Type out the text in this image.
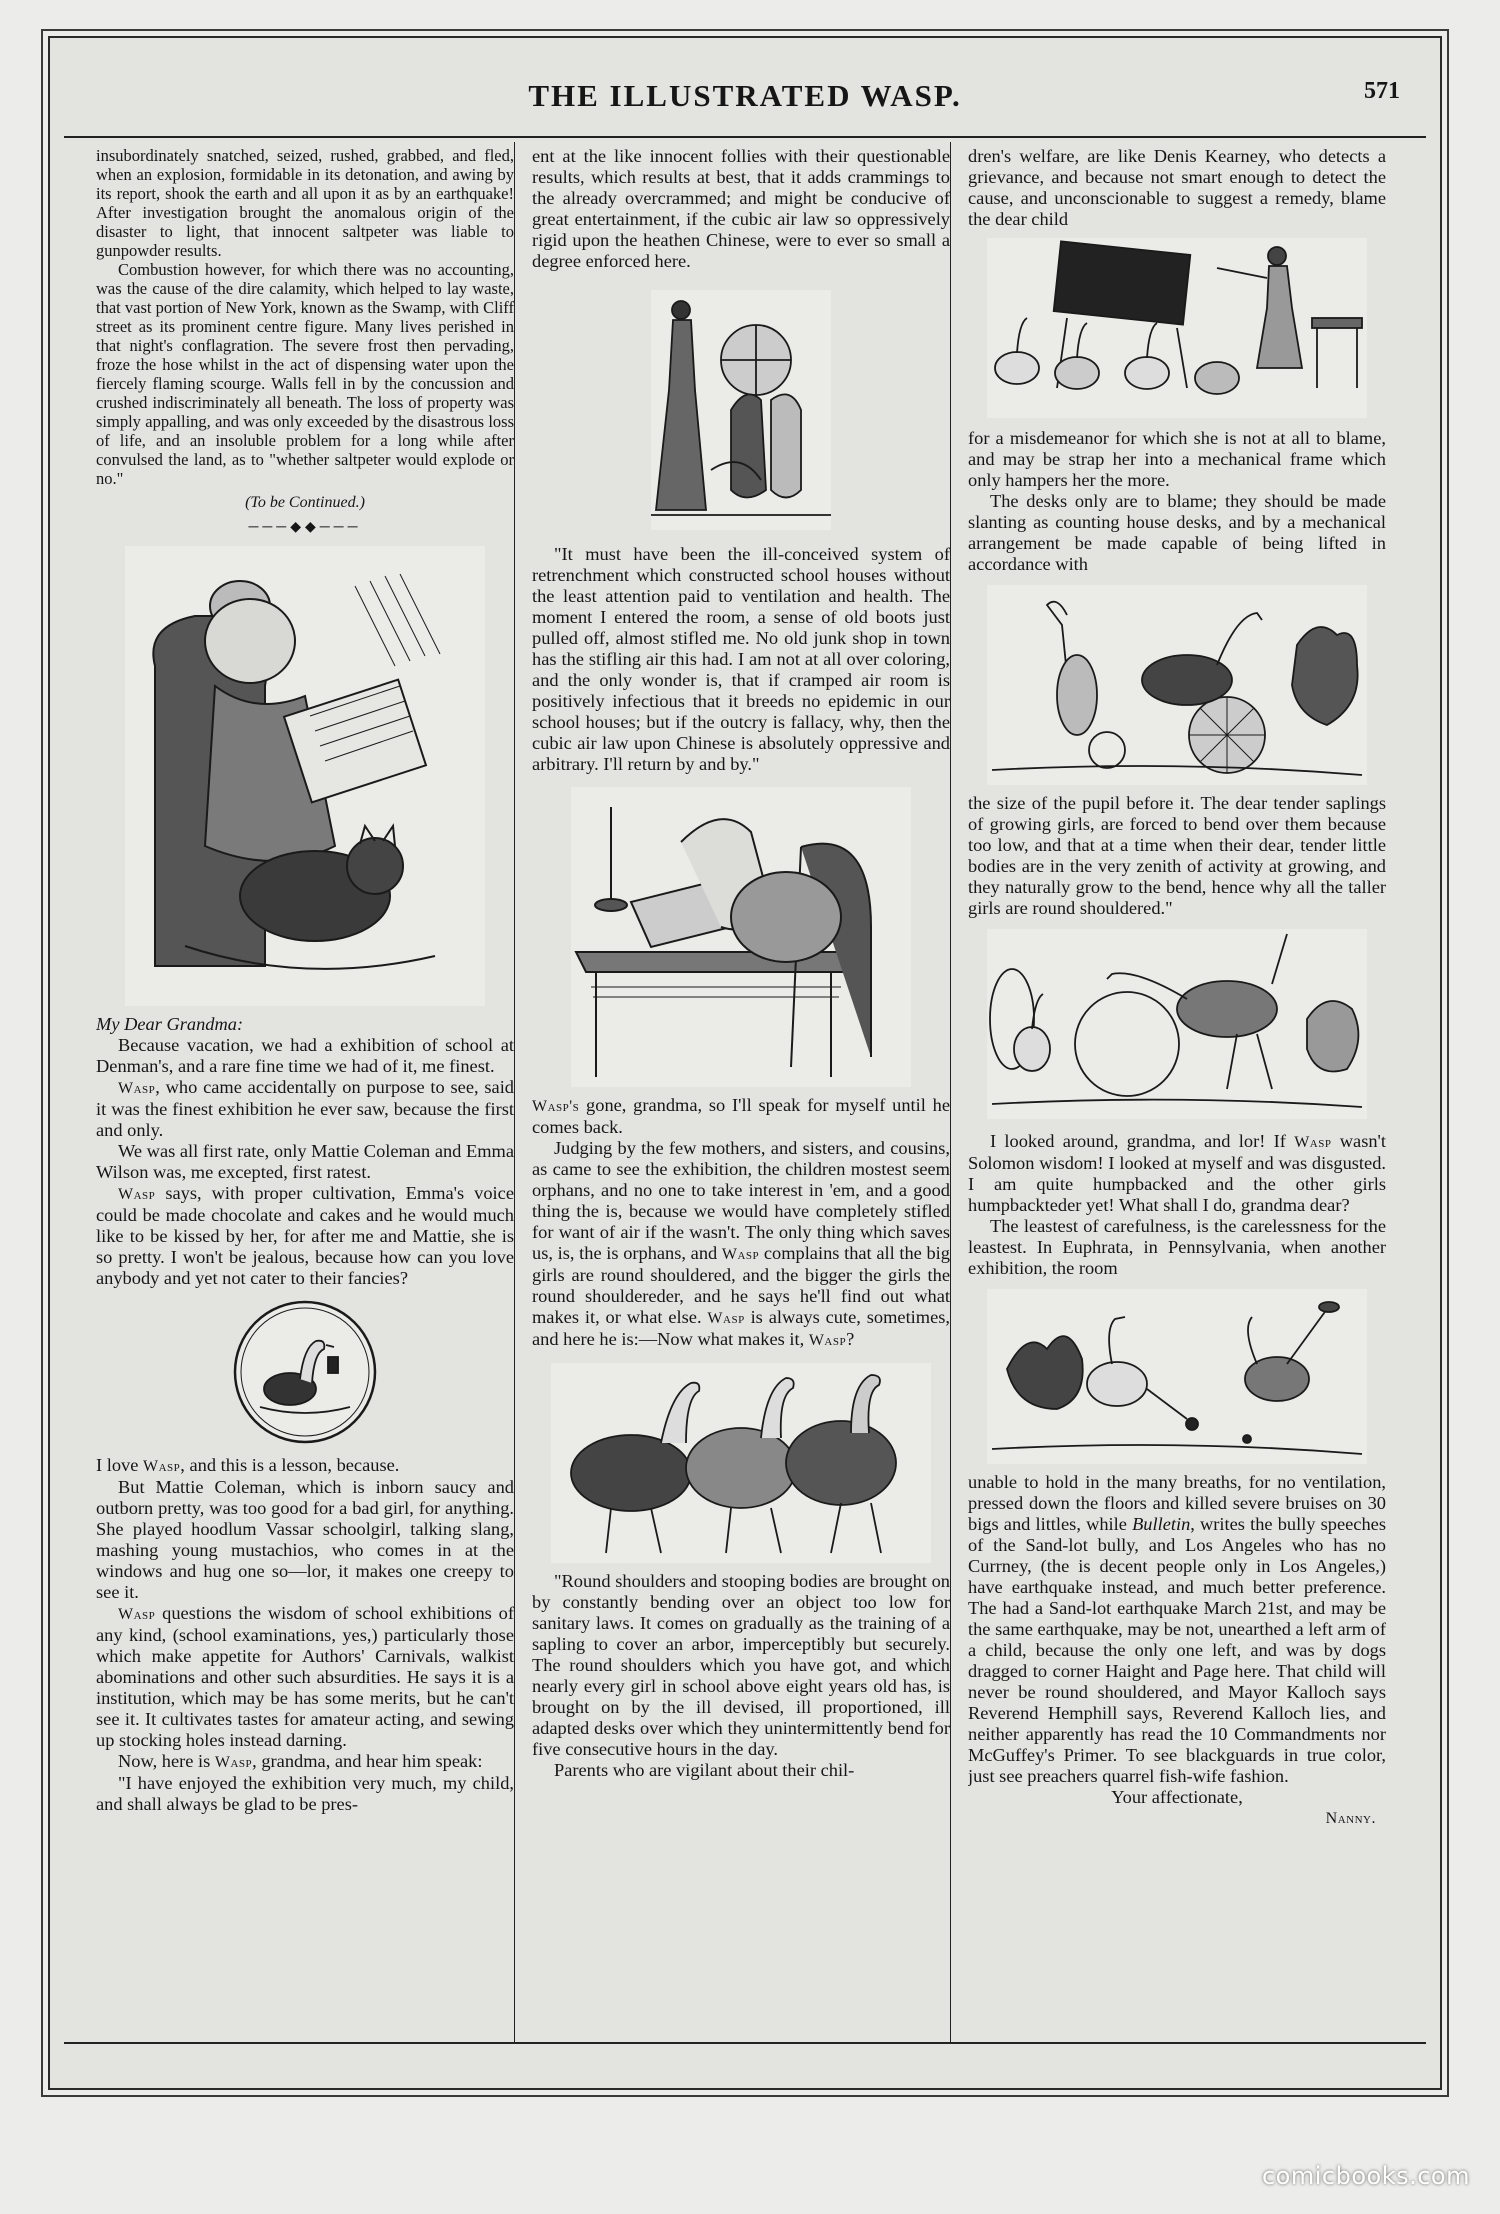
THE ILLUSTRATED WASP.	571

insubordinately snatched, seized, rushed, grabbed, and fled, when an explosion, formidable in its detonation, and awing by its report, shook the earth and all upon it as by an earthquake! After investigation brought the anomalous origin of the disaster to light, that innocent saltpeter was liable to gunpowder results.

Combustion however, for which there was no accounting, was the cause of the dire calamity, which helped to lay waste, that vast portion of New York, known as the Swamp, with Cliff street as its prominent centre figure. Many lives perished in that night's conflagration. The severe frost then pervading, froze the hose whilst in the act of dispensing water upon the fiercely flaming scourge. Walls fell in by the concussion and crushed indiscriminately all beneath. The loss of property was simply appalling, and was only exceeded by the disastrous loss of life, and an insoluble problem for a long while after convulsed the land, as to "whether saltpeter would explode or no."

(To be Continued.)

───◆◆───

My Dear Grandma:

Because vacation, we had a exhibition of school at Denman's, and a rare fine time we had of it, me finest.

Wasp, who came accidentally on purpose to see, said it was the finest exhibition he ever saw, because the first and only.

We was all first rate, only Mattie Coleman and Emma Wilson was, me excepted, first ratest.

Wasp says, with proper cultivation, Emma's voice could be made chocolate and cakes and he would much like to be kissed by her, for after me and Mattie, she is so pretty. I won't be jealous, because how can you love anybody and yet not cater to their fancies?

I love Wasp, and this is a lesson, because.

But Mattie Coleman, which is inborn saucy and outborn pretty, was too good for a bad girl, for anything. She played hoodlum Vassar schoolgirl, talking slang, mashing young mustachios, who comes in at the windows and hug one so—lor, it makes one creepy to see it.

Wasp questions the wisdom of school exhibitions of any kind, (school examinations, yes,) particularly those which make appetite for Authors' Carnivals, walkist abominations and other such absurdities. He says it is a institution, which may be has some merits, but he can't see it. It cultivates tastes for amateur acting, and sewing up stocking holes instead darning.

Now, here is Wasp, grandma, and hear him speak:

"I have enjoyed the exhibition very much, my child, and shall always be glad to be pres-

ent at the like innocent follies with their questionable results, which results at best, that it adds crammings to the already overcrammed; and might be conducive of great entertainment, if the cubic air law so oppressively rigid upon the heathen Chinese, were to ever so small a degree enforced here.

"It must have been the ill-conceived system of retrenchment which constructed school houses without the least attention paid to ventilation and health. The moment I entered the room, a sense of old boots just pulled off, almost stifled me. No old junk shop in town has the stifling air this had. I am not at all over coloring, and the only wonder is, that if cramped air room is positively infectious that it breeds no epidemic in our school houses; but if the outcry is fallacy, why, then the cubic air law upon Chinese is absolutely oppressive and arbitrary. I'll return by and by."

Wasp's gone, grandma, so I'll speak for myself until he comes back.

Judging by the few mothers, and sisters, and cousins, as came to see the exhibition, the children mostest seem orphans, and no one to take interest in 'em, and a good thing the is, because we would have completely stifled for want of air if the wasn't. The only thing which saves us, is, the is orphans, and Wasp complains that all the big girls are round shouldered, and the bigger the girls the round shouldereder, and he says he'll find out what makes it, or what else. Wasp is always cute, sometimes, and here he is:—Now what makes it, Wasp?

"Round shoulders and stooping bodies are brought on by constantly bending over an object too low for sanitary laws. It comes on gradually as the training of a sapling to cover an arbor, imperceptibly but securely. The round shoulders which you have got, and which nearly every girl in school above eight years old has, is brought on by the ill devised, ill proportioned, ill adapted desks over which they unintermittently bend for five consecutive hours in the day.

Parents who are vigilant about their chil-

dren's welfare, are like Denis Kearney, who detects a grievance, and because not smart enough to detect the cause, and unconscionable to suggest a remedy, blame the dear child

for a misdemeanor for which she is not at all to blame, and may be strap her into a mechanical frame which only hampers her the more.

The desks only are to blame; they should be made slanting as counting house desks, and by a mechanical arrangement be made capable of being lifted in accordance with

the size of the pupil before it. The dear tender saplings of growing girls, are forced to bend over them because too low, and that at a time when their dear, tender little bodies are in the very zenith of activity at growing, and they naturally grow to the bend, hence why all the taller girls are round shouldered."

I looked around, grandma, and lor! If Wasp wasn't Solomon wisdom! I looked at myself and was disgusted. I am quite humpbacked and the other girls humpbackteder yet! What shall I do, grandma dear?

The leastest of carefulness, is the carelessness for the leastest. In Euphrata, in Pennsylvania, when another exhibition, the room

unable to hold in the many breaths, for no ventilation, pressed down the floors and killed severe bruises on 30 bigs and littles, while Bulletin, writes the bully speeches of the Sand-lot bully, and Los Angeles who has no Currney, (the is decent people only in Los Angeles,) have earthquake instead, and much better preference. The had a Sand-lot earthquake March 21st, and may be the same earthquake, may be not, unearthed a left arm of a child, because the only one left, and was by dogs dragged to corner Haight and Page here. That child will never be round shouldered, and Mayor Kalloch says Reverend Hemphill says, Reverend Kalloch lies, and neither apparently has read the 10 Commandments nor McGuffey's Primer. To see blackguards in true color, just see preachers quarrel fish-wife fashion.

Your affectionate,

Nanny.

comicbooks.com
